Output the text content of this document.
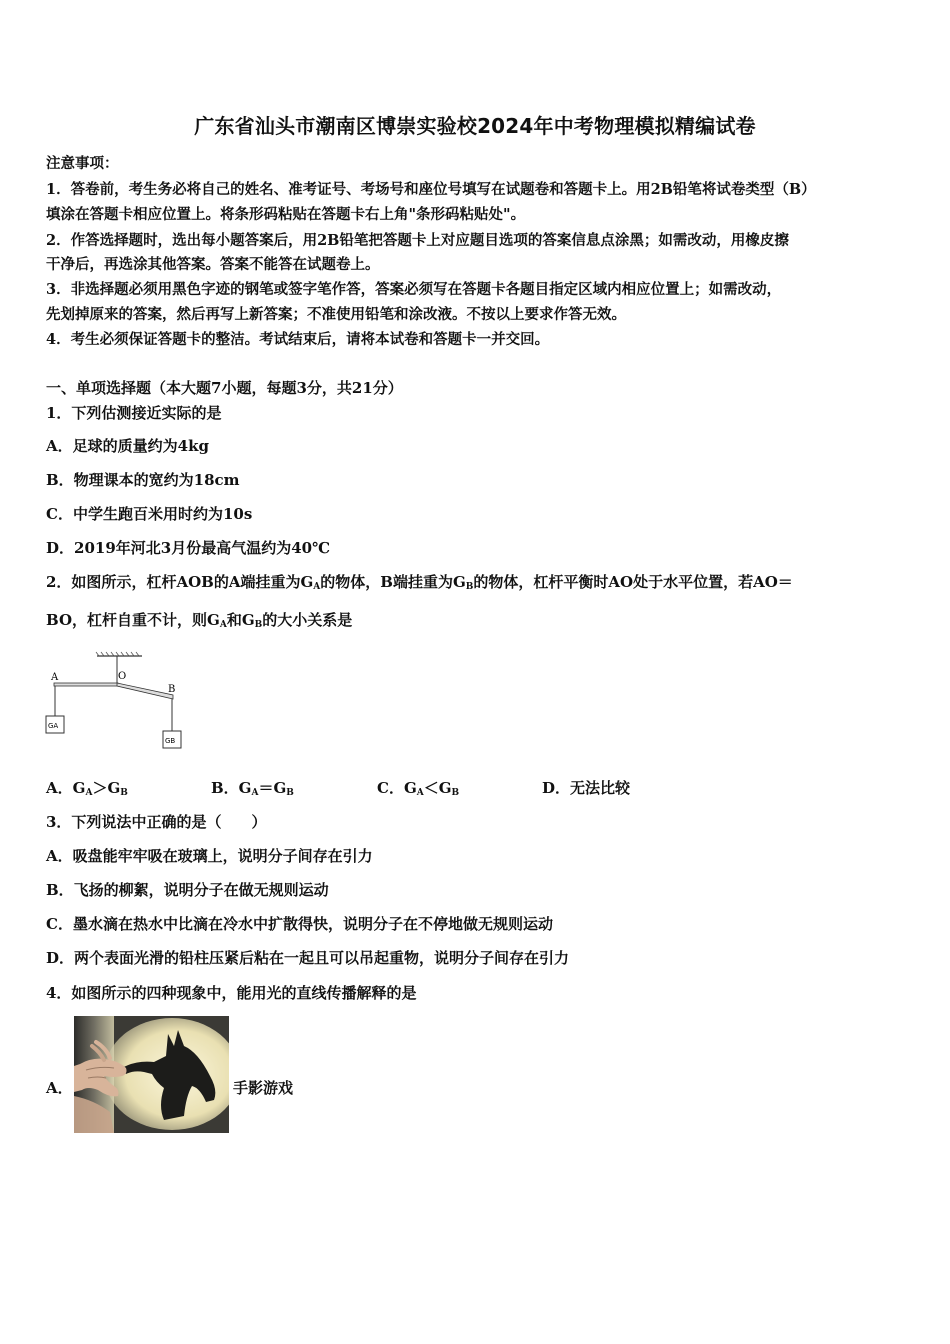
广东省汕头市潮南区博崇实验校2024年中考物理模拟精编试卷
注意事项：
1．答卷前，考生务必将自己的姓名、准考证号、考场号和座位号填写在试题卷和答题卡上。用2B铅笔将试卷类型（B）
填涂在答题卡相应位置上。将条形码粘贴在答题卡右上角"条形码粘贴处"。
2．作答选择题时，选出每小题答案后，用2B铅笔把答题卡上对应题目选项的答案信息点涂黑；如需改动，用橡皮擦
干净后，再选涂其他答案。答案不能答在试题卷上。
3．非选择题必须用黑色字迹的钢笔或签字笔作答，答案必须写在答题卡各题目指定区域内相应位置上；如需改动，
先划掉原来的答案，然后再写上新答案；不准使用铅笔和涂改液。不按以上要求作答无效。
4．考生必须保证答题卡的整洁。考试结束后，请将本试卷和答题卡一并交回。
一、单项选择题（本大题7小题，每题3分，共21分）
1．下列估测接近实际的是
A．足球的质量约为4kg
B．物理课本的宽约为18cm
C．中学生跑百米用时约为10s
D．2019年河北3月份最高气温约为40℃
2．如图所示，杠杆AOB的A端挂重为$G_A$的物体，B端挂重为$G_B$的物体，杠杆平衡时AO处于水平位置，若AO＝
BO，杠杆自重不计，则$G_A$和$G_B$的大小关系是
GA
GB
A	O
B
A．$G_A>G_B$	B．$G_A=G_B$	C．$G_A<G_B$	D．无法比较
3．下列说法中正确的是（　　）
A．吸盘能牢牢吸在玻璃上，说明分子间存在引力
B．飞扬的柳絮，说明分子在做无规则运动
C．墨水滴在热水中比滴在冷水中扩散得快，说明分子在不停地做无规则运动
D．两个表面光滑的铅柱压紧后粘在一起且可以吊起重物，说明分子间存在引力
4．如图所示的四种现象中，能用光的直线传播解释的是
A．	手影游戏
